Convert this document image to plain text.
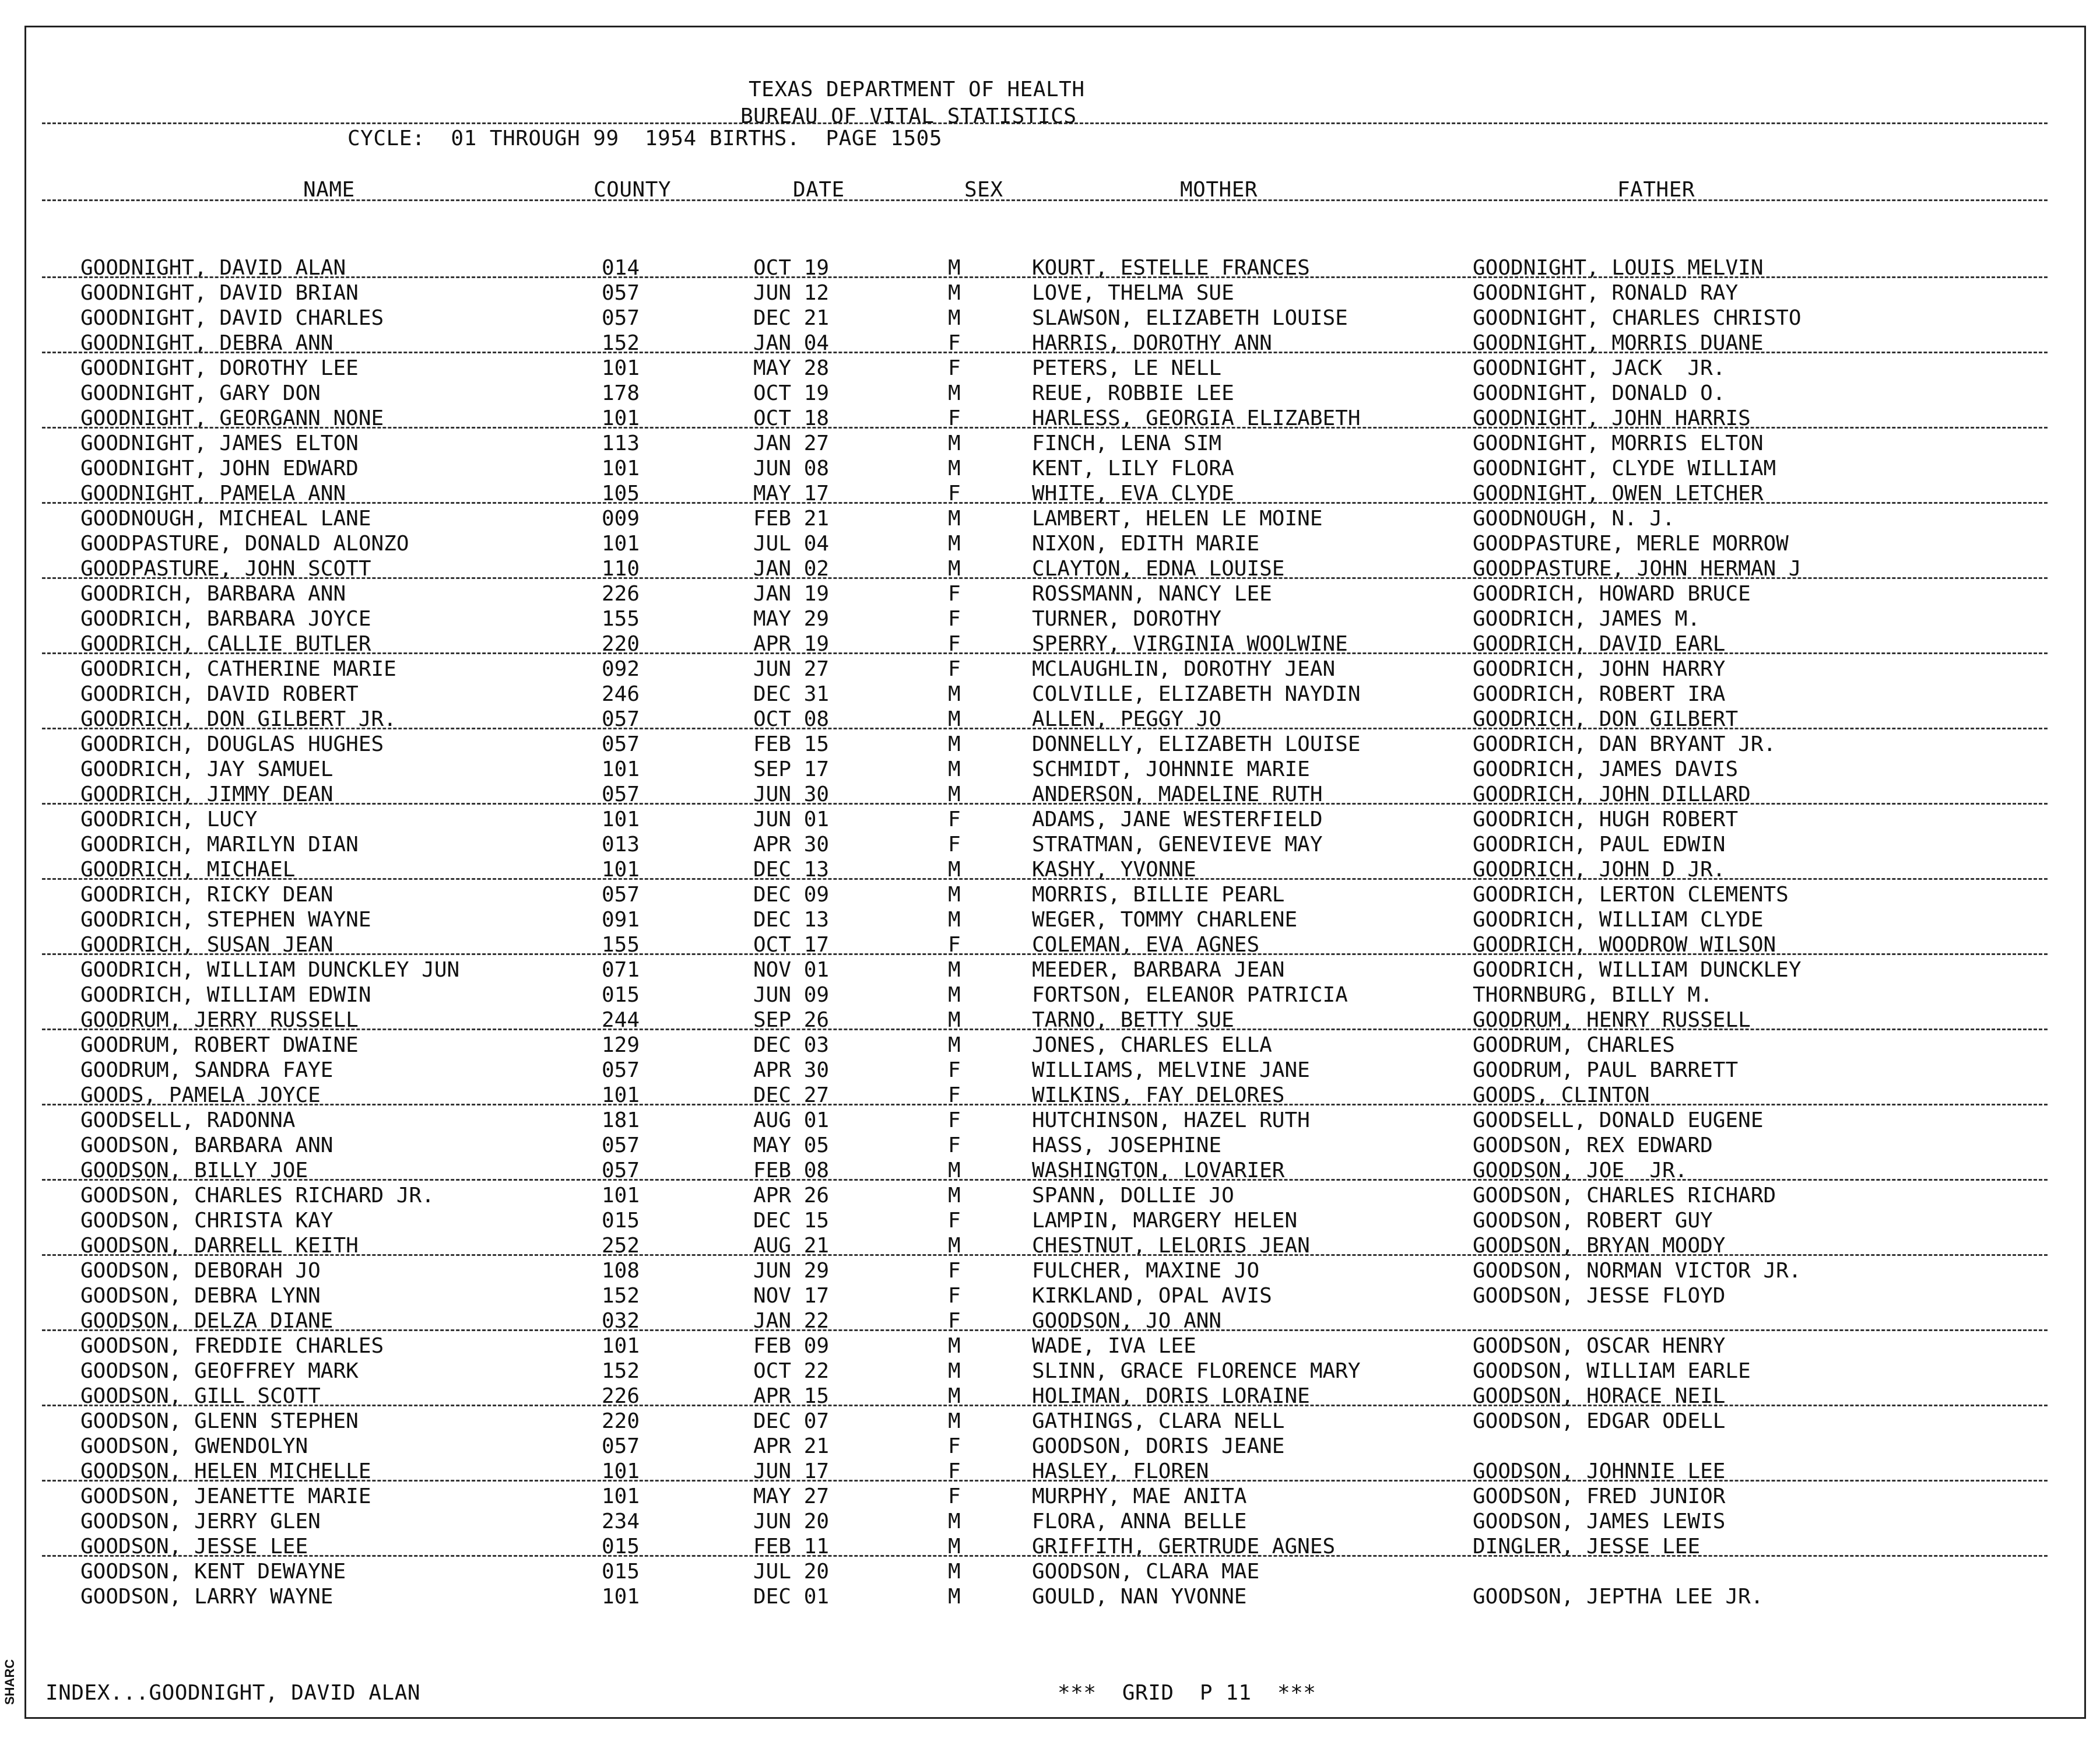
TEXAS DEPARTMENT OF HEALTH
BUREAU OF VITAL STATISTICS
CYCLE:  01 THROUGH 99  1954 BIRTHS.  PAGE 1505
NAME	COUNTY	DATE	SEX	MOTHER	FATHER
GOODNIGHT, DAVID ALAN	014	OCT 19	M	KOURT, ESTELLE FRANCES	GOODNIGHT, LOUIS MELVIN
GOODNIGHT, DAVID BRIAN	057	JUN 12	M	LOVE, THELMA SUE	GOODNIGHT, RONALD RAY
GOODNIGHT, DAVID CHARLES	057	DEC 21	M	SLAWSON, ELIZABETH LOUISE	GOODNIGHT, CHARLES CHRISTO
GOODNIGHT, DEBRA ANN	152	JAN 04	F	HARRIS, DOROTHY ANN	GOODNIGHT, MORRIS DUANE
GOODNIGHT, DOROTHY LEE	101	MAY 28	F	PETERS, LE NELL	GOODNIGHT, JACK  JR.
GOODNIGHT, GARY DON	178	OCT 19	M	REUE, ROBBIE LEE	GOODNIGHT, DONALD O.
GOODNIGHT, GEORGANN NONE	101	OCT 18	F	HARLESS, GEORGIA ELIZABETH	GOODNIGHT, JOHN HARRIS
GOODNIGHT, JAMES ELTON	113	JAN 27	M	FINCH, LENA SIM	GOODNIGHT, MORRIS ELTON
GOODNIGHT, JOHN EDWARD	101	JUN 08	M	KENT, LILY FLORA	GOODNIGHT, CLYDE WILLIAM
GOODNIGHT, PAMELA ANN	105	MAY 17	F	WHITE, EVA CLYDE	GOODNIGHT, OWEN LETCHER
GOODNOUGH, MICHEAL LANE	009	FEB 21	M	LAMBERT, HELEN LE MOINE	GOODNOUGH, N. J.
GOODPASTURE, DONALD ALONZO	101	JUL 04	M	NIXON, EDITH MARIE	GOODPASTURE, MERLE MORROW
GOODPASTURE, JOHN SCOTT	110	JAN 02	M	CLAYTON, EDNA LOUISE	GOODPASTURE, JOHN HERMAN J
GOODRICH, BARBARA ANN	226	JAN 19	F	ROSSMANN, NANCY LEE	GOODRICH, HOWARD BRUCE
GOODRICH, BARBARA JOYCE	155	MAY 29	F	TURNER, DOROTHY	GOODRICH, JAMES M.
GOODRICH, CALLIE BUTLER	220	APR 19	F	SPERRY, VIRGINIA WOOLWINE	GOODRICH, DAVID EARL
GOODRICH, CATHERINE MARIE	092	JUN 27	F	MCLAUGHLIN, DOROTHY JEAN	GOODRICH, JOHN HARRY
GOODRICH, DAVID ROBERT	246	DEC 31	M	COLVILLE, ELIZABETH NAYDIN	GOODRICH, ROBERT IRA
GOODRICH, DON GILBERT JR.	057	OCT 08	M	ALLEN, PEGGY JO	GOODRICH, DON GILBERT
GOODRICH, DOUGLAS HUGHES	057	FEB 15	M	DONNELLY, ELIZABETH LOUISE	GOODRICH, DAN BRYANT JR.
GOODRICH, JAY SAMUEL	101	SEP 17	M	SCHMIDT, JOHNNIE MARIE	GOODRICH, JAMES DAVIS
GOODRICH, JIMMY DEAN	057	JUN 30	M	ANDERSON, MADELINE RUTH	GOODRICH, JOHN DILLARD
GOODRICH, LUCY	101	JUN 01	F	ADAMS, JANE WESTERFIELD	GOODRICH, HUGH ROBERT
GOODRICH, MARILYN DIAN	013	APR 30	F	STRATMAN, GENEVIEVE MAY	GOODRICH, PAUL EDWIN
GOODRICH, MICHAEL	101	DEC 13	M	KASHY, YVONNE	GOODRICH, JOHN D JR.
GOODRICH, RICKY DEAN	057	DEC 09	M	MORRIS, BILLIE PEARL	GOODRICH, LERTON CLEMENTS
GOODRICH, STEPHEN WAYNE	091	DEC 13	M	WEGER, TOMMY CHARLENE	GOODRICH, WILLIAM CLYDE
GOODRICH, SUSAN JEAN	155	OCT 17	F	COLEMAN, EVA AGNES	GOODRICH, WOODROW WILSON
GOODRICH, WILLIAM DUNCKLEY JUN	071	NOV 01	M	MEEDER, BARBARA JEAN	GOODRICH, WILLIAM DUNCKLEY
GOODRICH, WILLIAM EDWIN	015	JUN 09	M	FORTSON, ELEANOR PATRICIA	THORNBURG, BILLY M.
GOODRUM, JERRY RUSSELL	244	SEP 26	M	TARNO, BETTY SUE	GOODRUM, HENRY RUSSELL
GOODRUM, ROBERT DWAINE	129	DEC 03	M	JONES, CHARLES ELLA	GOODRUM, CHARLES
GOODRUM, SANDRA FAYE	057	APR 30	F	WILLIAMS, MELVINE JANE	GOODRUM, PAUL BARRETT
GOODS, PAMELA JOYCE	101	DEC 27	F	WILKINS, FAY DELORES	GOODS, CLINTON
GOODSELL, RADONNA	181	AUG 01	F	HUTCHINSON, HAZEL RUTH	GOODSELL, DONALD EUGENE
GOODSON, BARBARA ANN	057	MAY 05	F	HASS, JOSEPHINE	GOODSON, REX EDWARD
GOODSON, BILLY JOE	057	FEB 08	M	WASHINGTON, LOVARIER	GOODSON, JOE  JR.
GOODSON, CHARLES RICHARD JR.	101	APR 26	M	SPANN, DOLLIE JO	GOODSON, CHARLES RICHARD
GOODSON, CHRISTA KAY	015	DEC 15	F	LAMPIN, MARGERY HELEN	GOODSON, ROBERT GUY
GOODSON, DARRELL KEITH	252	AUG 21	M	CHESTNUT, LELORIS JEAN	GOODSON, BRYAN MOODY
GOODSON, DEBORAH JO	108	JUN 29	F	FULCHER, MAXINE JO	GOODSON, NORMAN VICTOR JR.
GOODSON, DEBRA LYNN	152	NOV 17	F	KIRKLAND, OPAL AVIS	GOODSON, JESSE FLOYD
GOODSON, DELZA DIANE	032	JAN 22	F	GOODSON, JO ANN
GOODSON, FREDDIE CHARLES	101	FEB 09	M	WADE, IVA LEE	GOODSON, OSCAR HENRY
GOODSON, GEOFFREY MARK	152	OCT 22	M	SLINN, GRACE FLORENCE MARY	GOODSON, WILLIAM EARLE
GOODSON, GILL SCOTT	226	APR 15	M	HOLIMAN, DORIS LORAINE	GOODSON, HORACE NEIL
GOODSON, GLENN STEPHEN	220	DEC 07	M	GATHINGS, CLARA NELL	GOODSON, EDGAR ODELL
GOODSON, GWENDOLYN	057	APR 21	F	GOODSON, DORIS JEANE
GOODSON, HELEN MICHELLE	101	JUN 17	F	HASLEY, FLOREN	GOODSON, JOHNNIE LEE
GOODSON, JEANETTE MARIE	101	MAY 27	F	MURPHY, MAE ANITA	GOODSON, FRED JUNIOR
GOODSON, JERRY GLEN	234	JUN 20	M	FLORA, ANNA BELLE	GOODSON, JAMES LEWIS
GOODSON, JESSE LEE	015	FEB 11	M	GRIFFITH, GERTRUDE AGNES	DINGLER, JESSE LEE
GOODSON, KENT DEWAYNE	015	JUL 20	M	GOODSON, CLARA MAE
GOODSON, LARRY WAYNE	101	DEC 01	M	GOULD, NAN YVONNE	GOODSON, JEPTHA LEE JR.
INDEX...GOODNIGHT, DAVID ALAN	***  GRID  P 11  ***
SHARC
